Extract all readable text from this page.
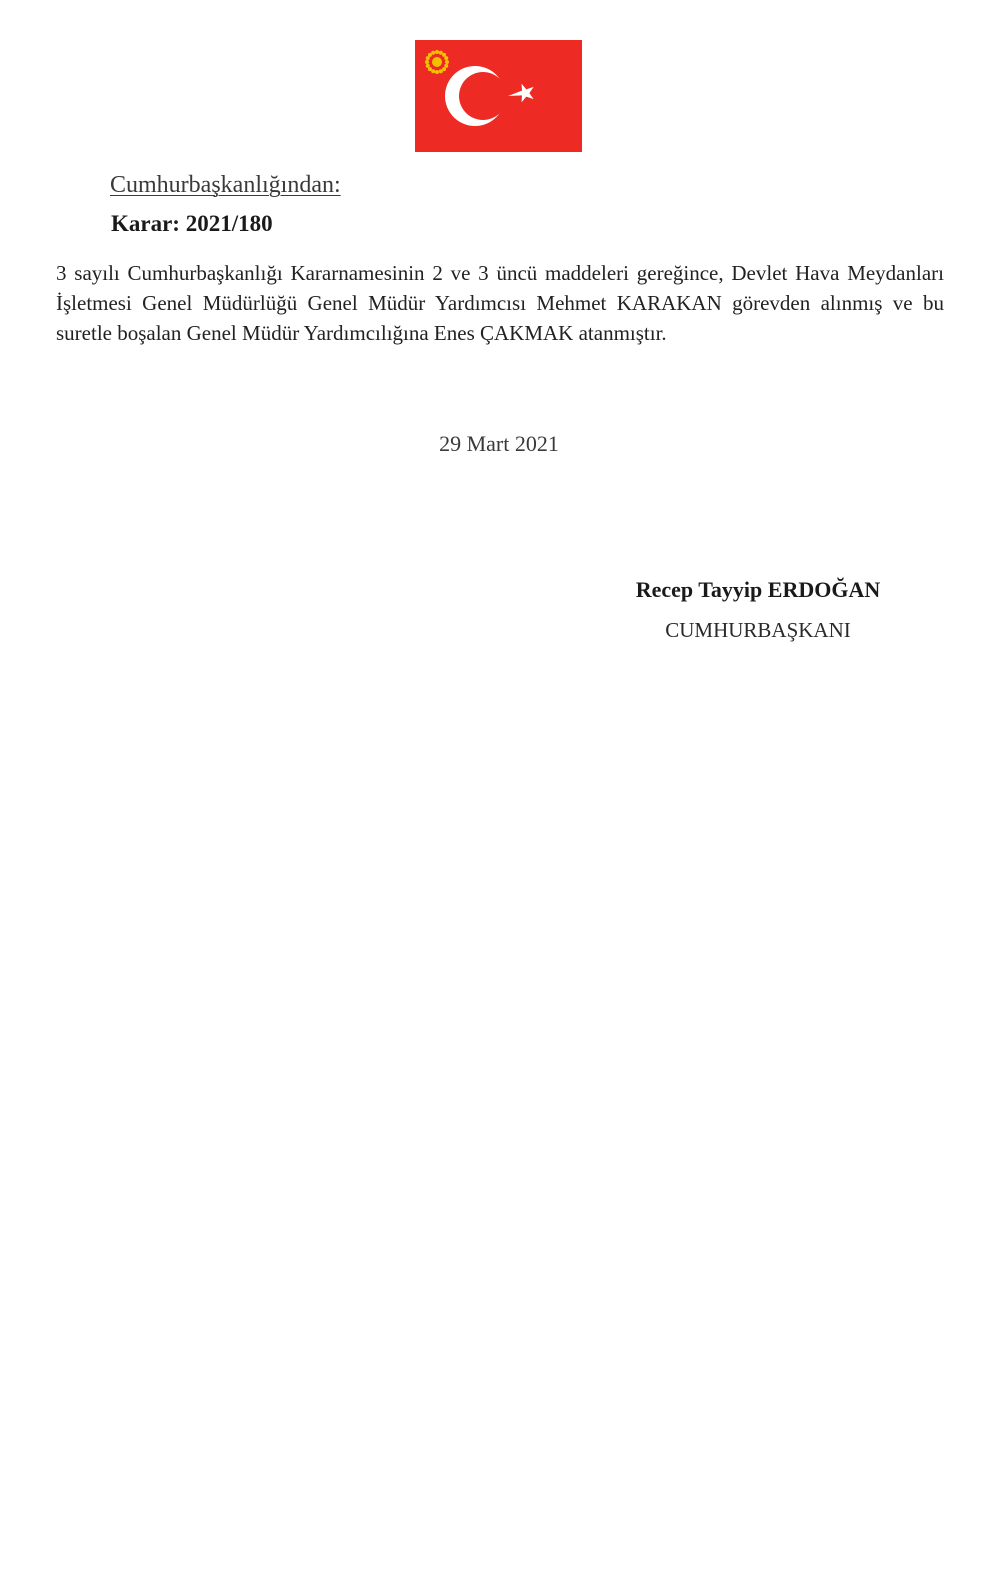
Cumhurbaşkanlığından:
Karar: 2021/180
3 sayılı Cumhurbaşkanlığı Kararnamesinin 2 ve 3 üncü maddeleri gereğince, Devlet Hava Meydanları İşletmesi Genel Müdürlüğü Genel Müdür Yardımcısı Mehmet KARAKAN görevden alınmış ve bu suretle boşalan Genel Müdür Yardımcılığına Enes ÇAKMAK atanmıştır.
29 Mart 2021
Recep Tayyip ERDOĞAN
CUMHURBAŞKANI
